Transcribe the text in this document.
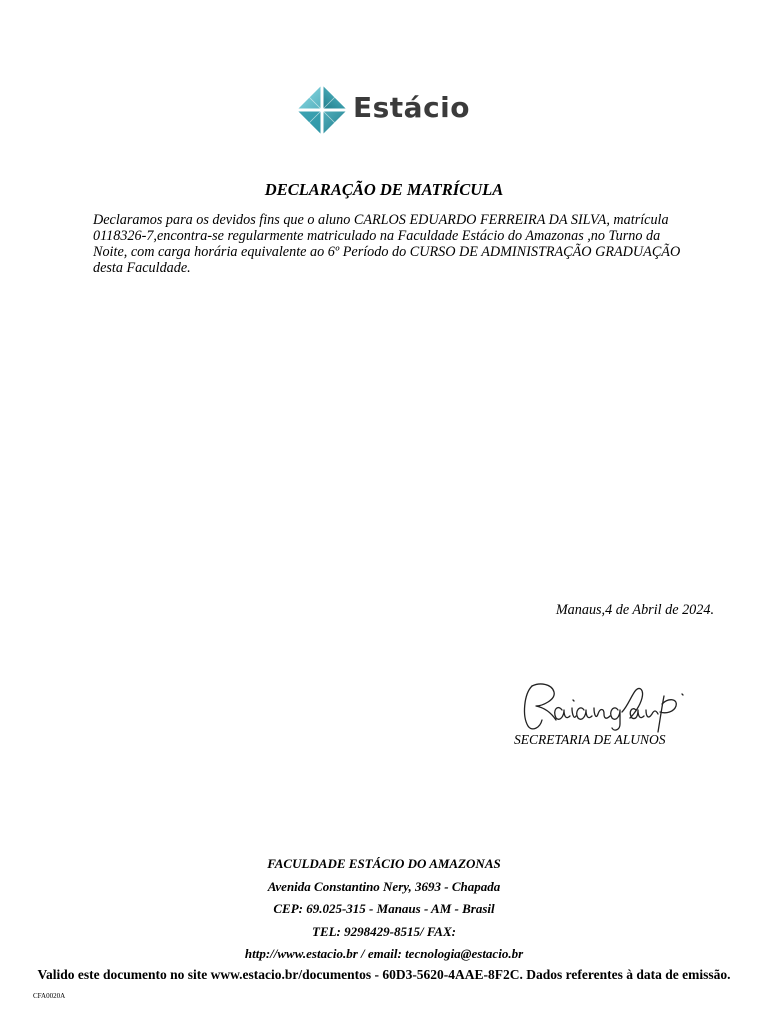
Estácio
DECLARAÇÃO DE MATRÍCULA
Declaramos para os devidos fins que o aluno CARLOS EDUARDO FERREIRA DA SILVA, matrícula 0118326-7,encontra-se regularmente matriculado na Faculdade Estácio do Amazonas ,no Turno da Noite, com carga horária equivalente ao 6º Período do CURSO DE ADMINISTRAÇÃO GRADUAÇÃO desta Faculdade.
Manaus,4 de Abril de 2024.
SECRETARIA DE ALUNOS
FACULDADE ESTÁCIO DO AMAZONAS
Avenida Constantino Nery, 3693 - Chapada
CEP: 69.025-315 - Manaus - AM - Brasil
TEL: 9298429-8515/ FAX:
http://www.estacio.br / email: tecnologia@estacio.br
Valido este documento no site www.estacio.br/documentos - 60D3-5620-4AAE-8F2C. Dados referentes à data de emissão.
CFA0020A
